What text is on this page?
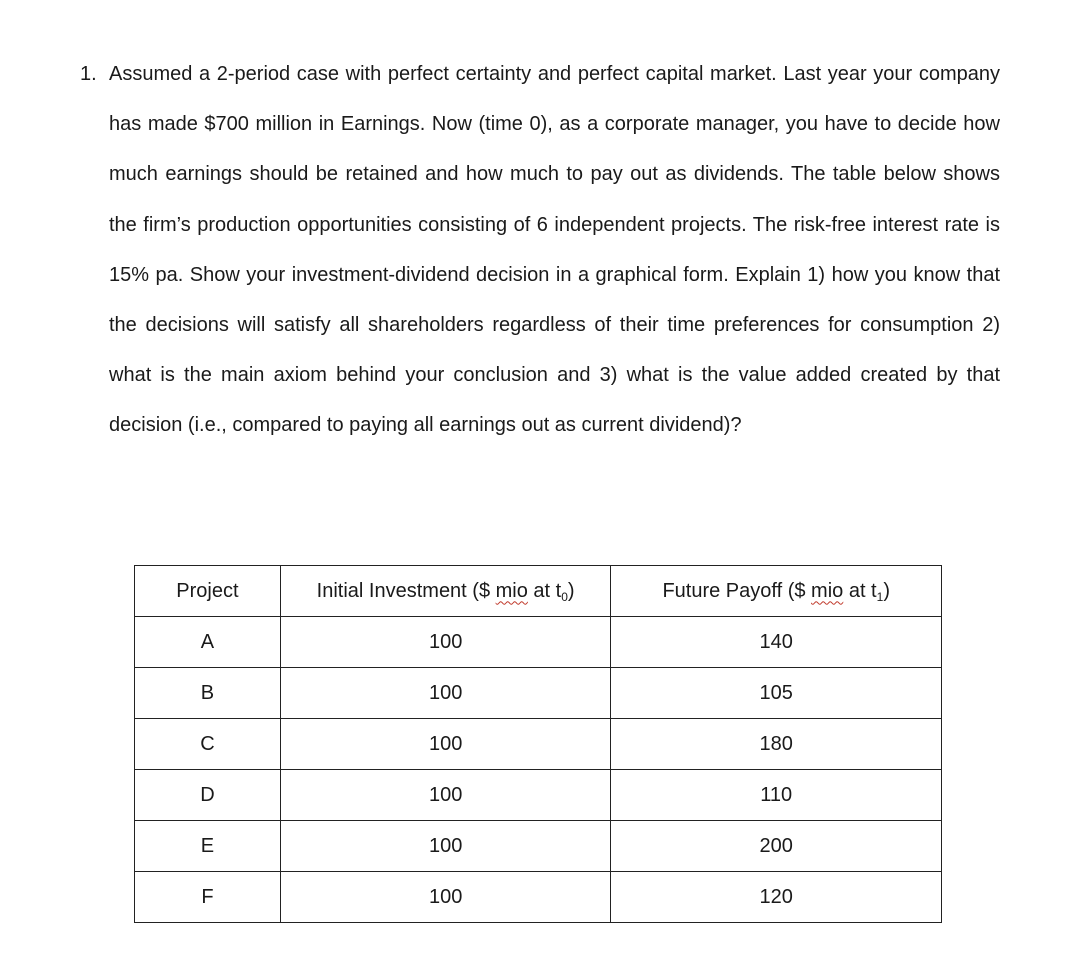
1. Assumed a 2-period case with perfect certainty and perfect capital market. Last year your company has made $700 million in Earnings. Now (time 0), as a corporate manager, you have to decide how much earnings should be retained and how much to pay out as dividends. The table below shows the firm’s production opportunities consisting of 6 independent projects. The risk-free interest rate is 15% pa. Show your investment-dividend decision in a graphical form. Explain 1) how you know that the decisions will satisfy all shareholders regardless of their time preferences for consumption 2) what is the main axiom behind your conclusion and 3) what is the value added created by that decision (i.e., compared to paying all earnings out as current dividend)?
Project	Initial Investment ($ mio at $t_0$)	Future Payoff ($ mio at $t_1$)
A	100	140
B	100	105
C	100	180
D	100	110
E	100	200
F	100	120
